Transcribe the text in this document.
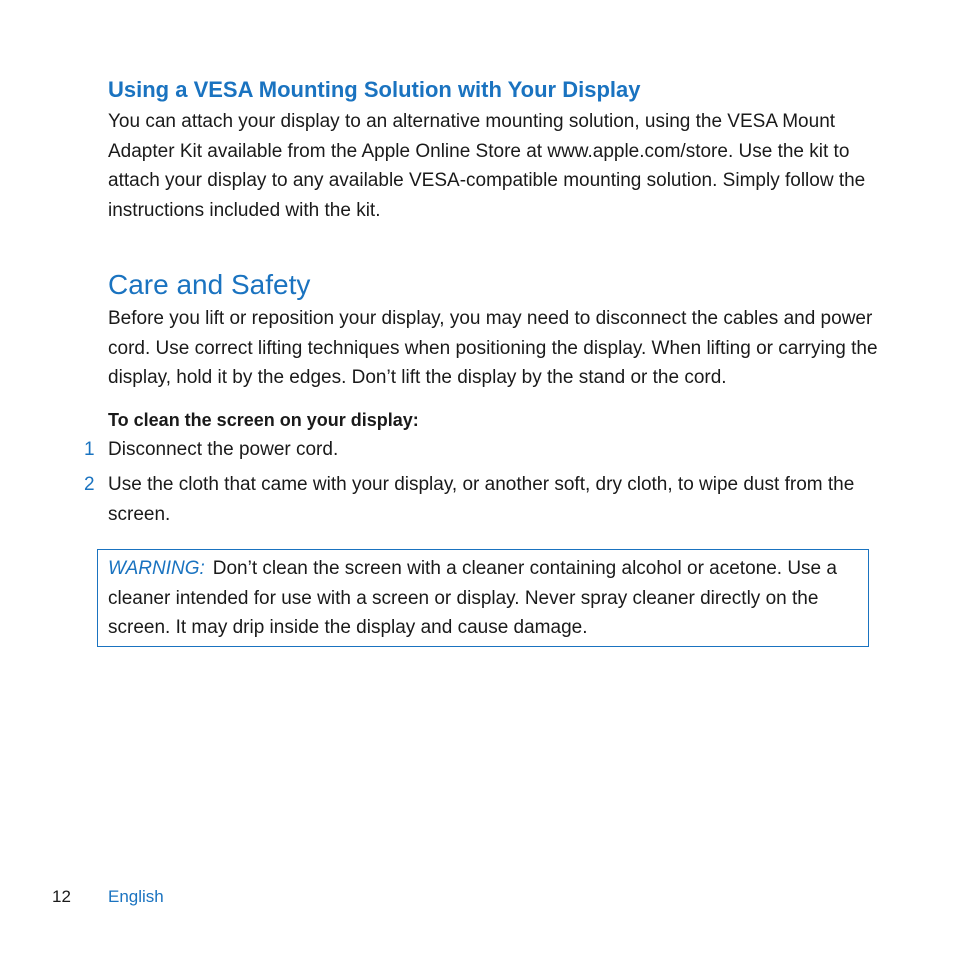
Using a VESA Mounting Solution with Your Display

You can attach your display to an alternative mounting solution, using the VESA Mount Adapter Kit available from the Apple Online Store at www.apple.com/store. Use the kit to attach your display to any available VESA-compatible mounting solution. Simply follow the instructions included with the kit.

Care and Safety

Before you lift or reposition your display, you may need to disconnect the cables and power cord. Use correct lifting techniques when positioning the display. When lifting or carrying the display, hold it by the edges. Don’t lift the display by the stand or the cord.

To clean the screen on your display:

1 Disconnect the power cord.

2 Use the cloth that came with your display, or another soft, dry cloth, to wipe dust from the screen.

WARNING: Don’t clean the screen with a cleaner containing alcohol or acetone. Use a cleaner intended for use with a screen or display. Never spray cleaner directly on the screen. It may drip inside the display and cause damage.

12 English
